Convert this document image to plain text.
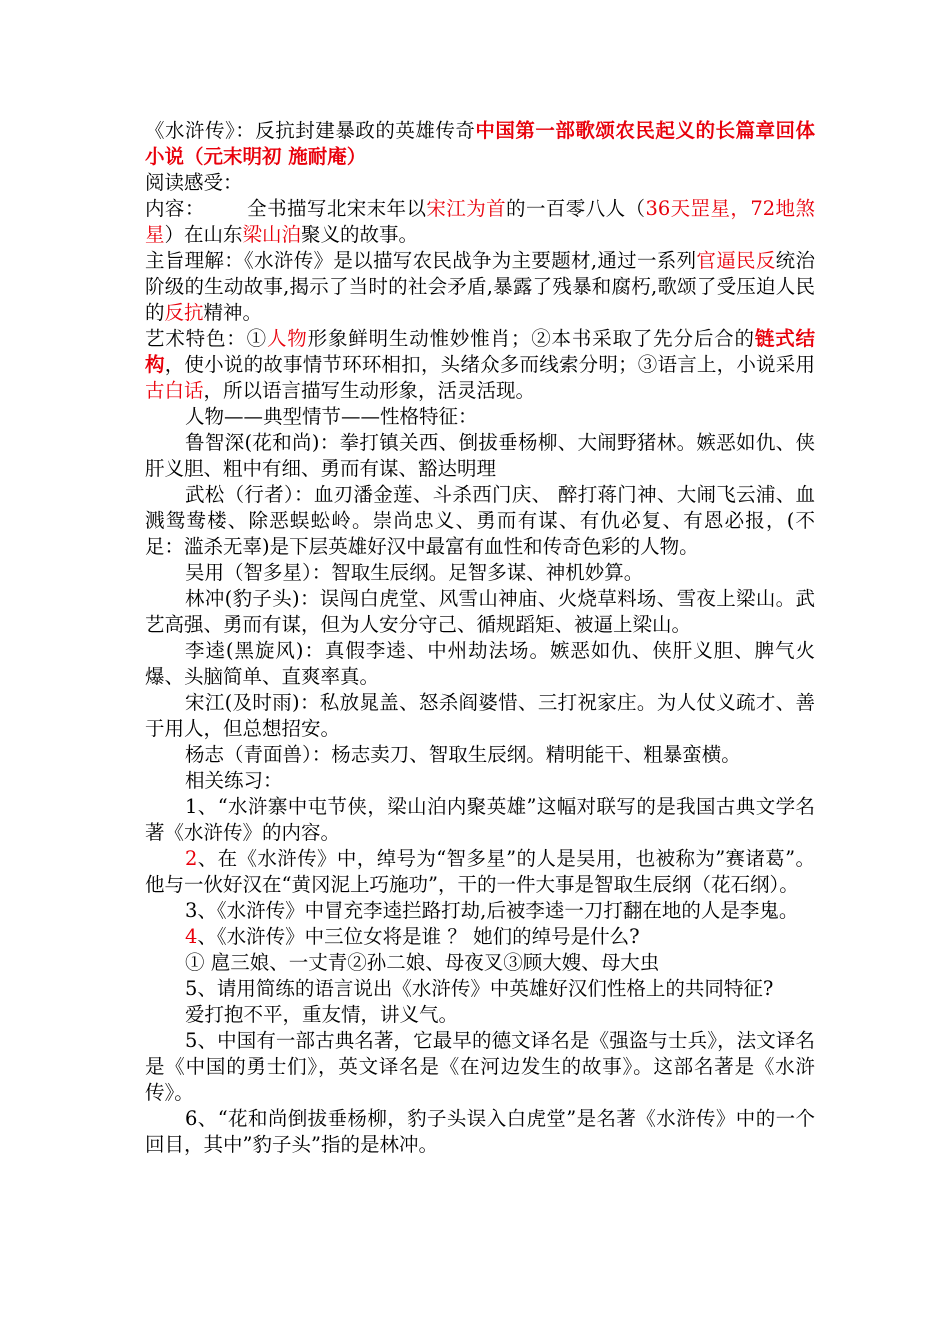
《水浒传》：反抗封建暴政的英雄传奇中国第一部歌颂农民起义的长篇章回体小说（元末明初 施耐庵）

阅读感受：

内容： 全书描写北宋末年以宋江为首的一百零八人（36天罡星，72地煞星）在山东梁山泊聚义的故事。

主旨理解：《水浒传》是以描写农民战争为主要题材,通过一系列官逼民反统治阶级的生动故事,揭示了当时的社会矛盾,暴露了残暴和腐朽,歌颂了受压迫人民的反抗精神。

艺术特色：①人物形象鲜明生动惟妙惟肖；②本书采取了先分后合的链式结构，使小说的故事情节环环相扣，头绪众多而线索分明；③语言上，小说采用古白话，所以语言描写生动形象，活灵活现。

人物——典型情节——性格特征：

鲁智深(花和尚)：拳打镇关西、倒拔垂杨柳、大闹野猪林。嫉恶如仇、侠肝义胆、粗中有细、勇而有谋、豁达明理

武松（行者）：血刃潘金莲、斗杀西门庆、 醉打蒋门神、大闹飞云浦、血溅鸳鸯楼、除恶蜈蚣岭。崇尚忠义、勇而有谋、有仇必复、有恩必报，(不足：滥杀无辜)是下层英雄好汉中最富有血性和传奇色彩的人物。

吴用（智多星）：智取生辰纲。足智多谋、神机妙算。

林冲(豹子头)：误闯白虎堂、风雪山神庙、火烧草料场、雪夜上梁山。武艺高强、勇而有谋，但为人安分守己、循规蹈矩、被逼上梁山。

李逵(黑旋风)：真假李逵、中州劫法场。嫉恶如仇、侠肝义胆、脾气火爆、头脑简单、直爽率真。

宋江(及时雨)：私放晁盖、怒杀阎婆惜、三打祝家庄。为人仗义疏才、善于用人，但总想招安。

杨志（青面兽）：杨志卖刀、智取生辰纲。精明能干、粗暴蛮横。

相关练习：

1、“水浒寨中屯节侠，梁山泊内聚英雄”这幅对联写的是我国古典文学名著《水浒传》的内容。

2、在《水浒传》中，绰号为“智多星”的人是吴用，也被称为”赛诸葛”。他与一伙好汉在“黄冈泥上巧施功”，干的一件大事是智取生辰纲（花石纲）。

3、《水浒传》中冒充李逵拦路打劫,后被李逵一刀打翻在地的人是李鬼。

4、《水浒传》中三位女将是谁 ？ 她们的绰号是什么?

① 扈三娘、一丈青②孙二娘、母夜叉③顾大嫂、母大虫

5、请用简练的语言说出《水浒传》中英雄好汉们性格上的共同特征?

爱打抱不平，重友情，讲义气。

5、中国有一部古典名著，它最早的德文译名是《强盗与士兵》，法文译名是《中国的勇士们》，英文译名是《在河边发生的故事》。这部名著是《水浒传》。

6、“花和尚倒拔垂杨柳，豹子头误入白虎堂”是名著《水浒传》中的一个回目，其中”豹子头”指的是林冲。
